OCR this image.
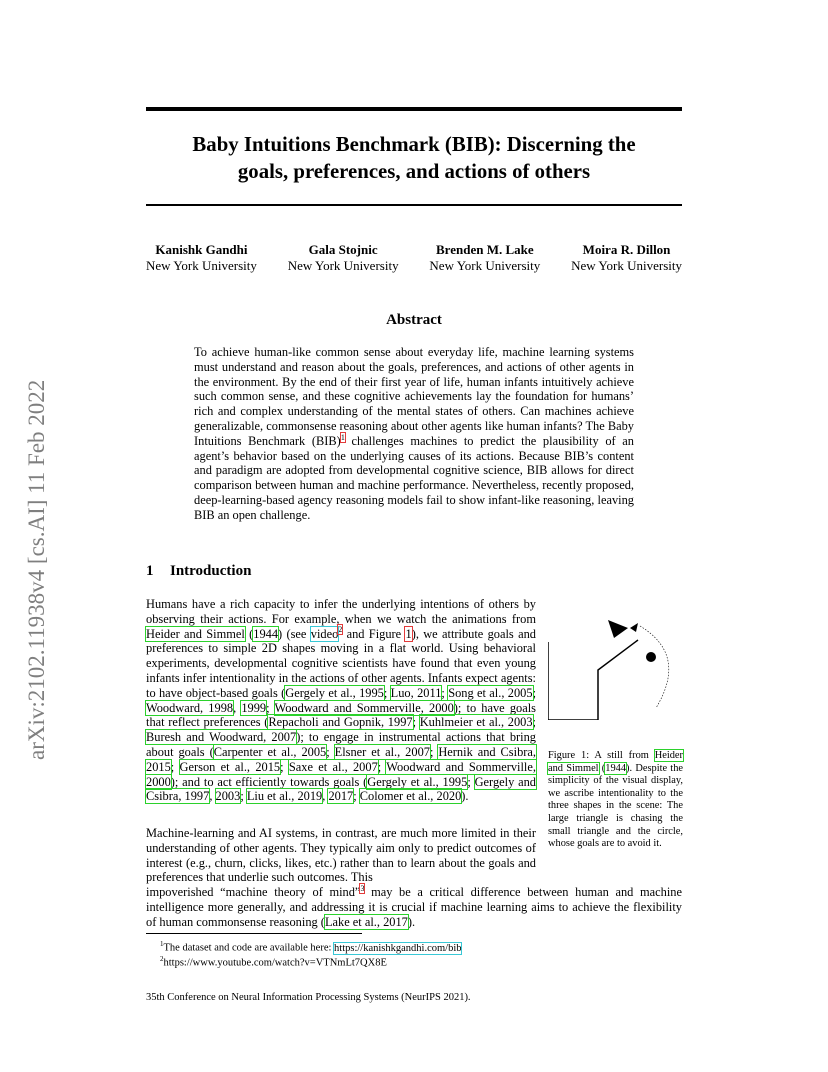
Baby Intuitions Benchmark (BIB): Discerning the
goals, preferences, and actions of others
Kanishk Gandhi
New York University
Gala Stojnic
New York University
Brenden M. Lake
New York University
Moira R. Dillon
New York University
arXiv:2102.11938v4 [cs.AI] 11 Feb 2022
Abstract
To achieve human-like common sense about everyday life, machine learning systems must understand and reason about the goals, preferences, and actions of other agents in the environment. By the end of their first year of life, human infants intuitively achieve such common sense, and these cognitive achievements lay the foundation for humans’ rich and complex understanding of the mental states of others. Can machines achieve generalizable, commonsense reasoning about other agents like human infants? The Baby Intuitions Benchmark (BIB)$^1$ challenges machines to predict the plausibility of an agent’s behavior based on the underlying causes of its actions. Because BIB’s content and paradigm are adopted from developmental cognitive science, BIB allows for direct comparison between human and machine performance. Nevertheless, recently proposed, deep-learning-based agency reasoning models fail to show infant-like reasoning, leaving BIB an open challenge.
1 Introduction
Humans have a rich capacity to infer the underlying intentions of others by observing their actions. For example, when we watch the animations from Heider and Simmel (1944) (see video$^2$ and Figure 1), we attribute goals and preferences to simple 2D shapes moving in a flat world. Using behavioral experiments, developmental cognitive scientists have found that even young infants infer intentionality in the actions of other agents. Infants expect agents: to have object-based goals (Gergely et al., 1995; Luo, 2011; Song et al., 2005; Woodward, 1998, 1999; Woodward and Sommerville, 2000); to have goals that reflect preferences (Repacholi and Gopnik, 1997; Kuhlmeier et al., 2003; Buresh and Woodward, 2007); to engage in instrumental actions that bring about goals (Carpenter et al., 2005; Elsner et al., 2007; Hernik and Csibra, 2015; Gerson et al., 2015; Saxe et al., 2007; Woodward and Sommerville, 2000); and to act efficiently towards goals (Gergely et al., 1995; Gergely and Csibra, 1997, 2003; Liu et al., 2019, 2017; Colomer et al., 2020).
Machine-learning and AI systems, in contrast, are much more limited in their understanding of other agents. They typically aim only to predict outcomes of interest (e.g., churn, clicks, likes, etc.) rather than to learn about the goals and preferences that underlie such outcomes. This
impoverished “machine theory of mind”$^3$ may be a critical difference between human and machine intelligence more generally, and addressing it is crucial if machine learning aims to achieve the flexibility of human commonsense reasoning (Lake et al., 2017).
Figure 1: A still from Heider and Simmel (1944). Despite the simplicity of the visual display, we ascribe intentionality to the three shapes in the scene: The large triangle is chasing the small triangle and the circle, whose goals are to avoid it.
$^1$The dataset and code are available here: https://kanishkgandhi.com/bib
$^2$https://www.youtube.com/watch?v=VTNmLt7QX8E
35th Conference on Neural Information Processing Systems (NeurIPS 2021).
